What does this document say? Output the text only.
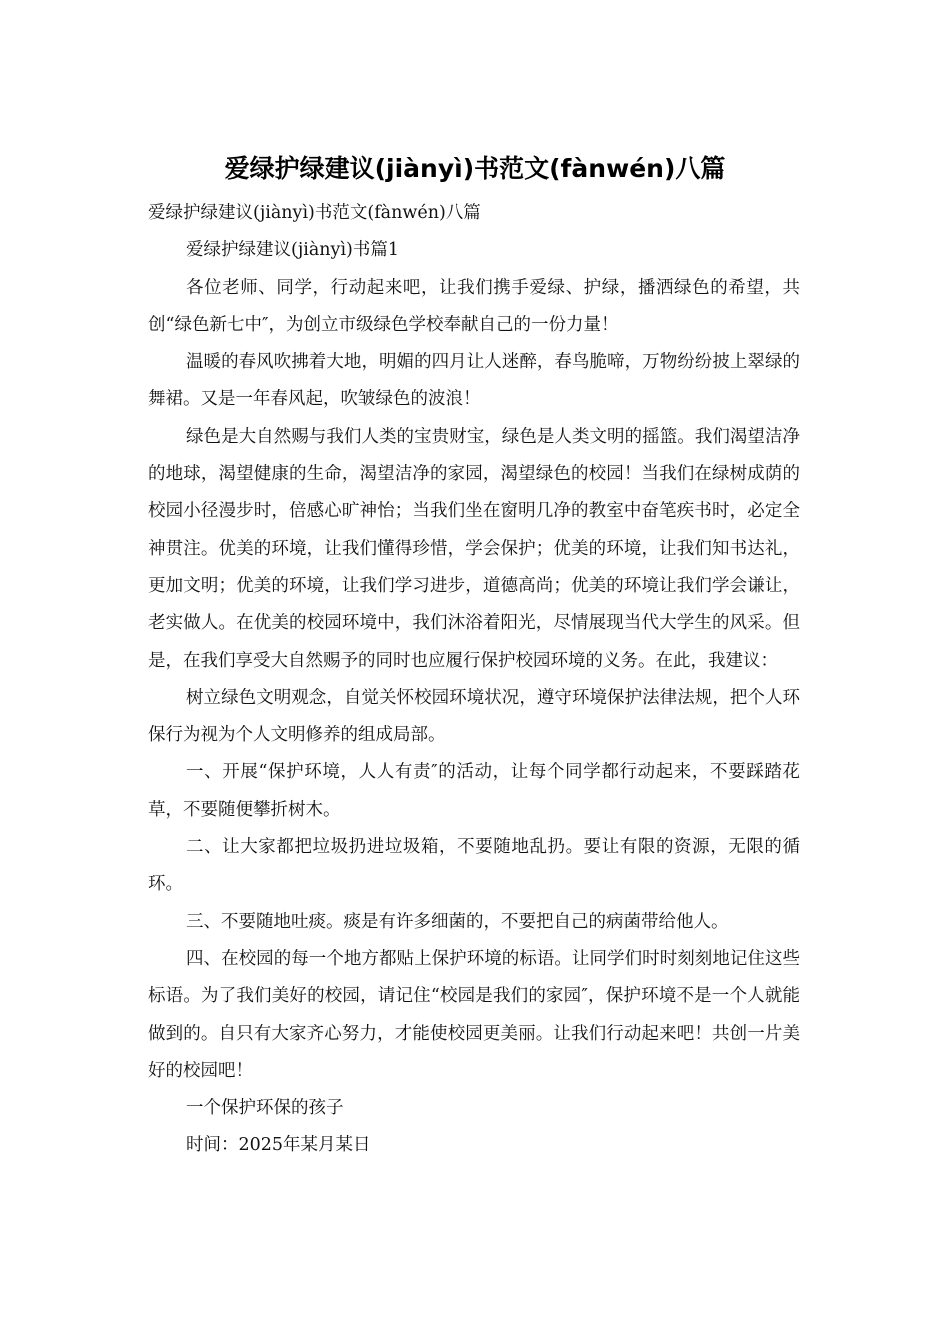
爱绿护绿建议(jiànyì)书范文(fànwén)八篇

爱绿护绿建议(jiànyì)书范文(fànwén)八篇

爱绿护绿建议(jiànyì)书篇1

各位老师、同学，行动起来吧，让我们携手爱绿、护绿，播洒绿色的希望，共创“绿色新七中″，为创立市级绿色学校奉献自己的一份力量！

温暖的春风吹拂着大地，明媚的四月让人迷醉，春鸟脆啼，万物纷纷披上翠绿的舞裙。又是一年春风起，吹皱绿色的波浪！

绿色是大自然赐与我们人类的宝贵财宝，绿色是人类文明的摇篮。我们渴望洁净的地球，渴望健康的生命，渴望洁净的家园，渴望绿色的校园！当我们在绿树成荫的校园小径漫步时，倍感心旷神怡；当我们坐在窗明几净的教室中奋笔疾书时，必定全神贯注。优美的环境，让我们懂得珍惜，学会保护；优美的环境，让我们知书达礼，更加文明；优美的环境，让我们学习进步，道德高尚；优美的环境让我们学会谦让，老实做人。在优美的校园环境中，我们沐浴着阳光，尽情展现当代大学生的风采。但是，在我们享受大自然赐予的同时也应履行保护校园环境的义务。在此，我建议：

树立绿色文明观念，自觉关怀校园环境状况，遵守环境保护法律法规，把个人环保行为视为个人文明修养的组成局部。

一、开展“保护环境，人人有责″的活动，让每个同学都行动起来，不要踩踏花草，不要随便攀折树木。

二、让大家都把垃圾扔进垃圾箱，不要随地乱扔。要让有限的资源，无限的循环。

三、不要随地吐痰。痰是有许多细菌的，不要把自己的病菌带给他人。

四、在校园的每一个地方都贴上保护环境的标语。让同学们时时刻刻地记住这些标语。为了我们美好的校园，请记住“校园是我们的家园″，保护环境不是一个人就能做到的。自只有大家齐心努力，才能使校园更美丽。让我们行动起来吧！共创一片美好的校园吧！

一个保护环保的孩子

时间：2025年某月某日
